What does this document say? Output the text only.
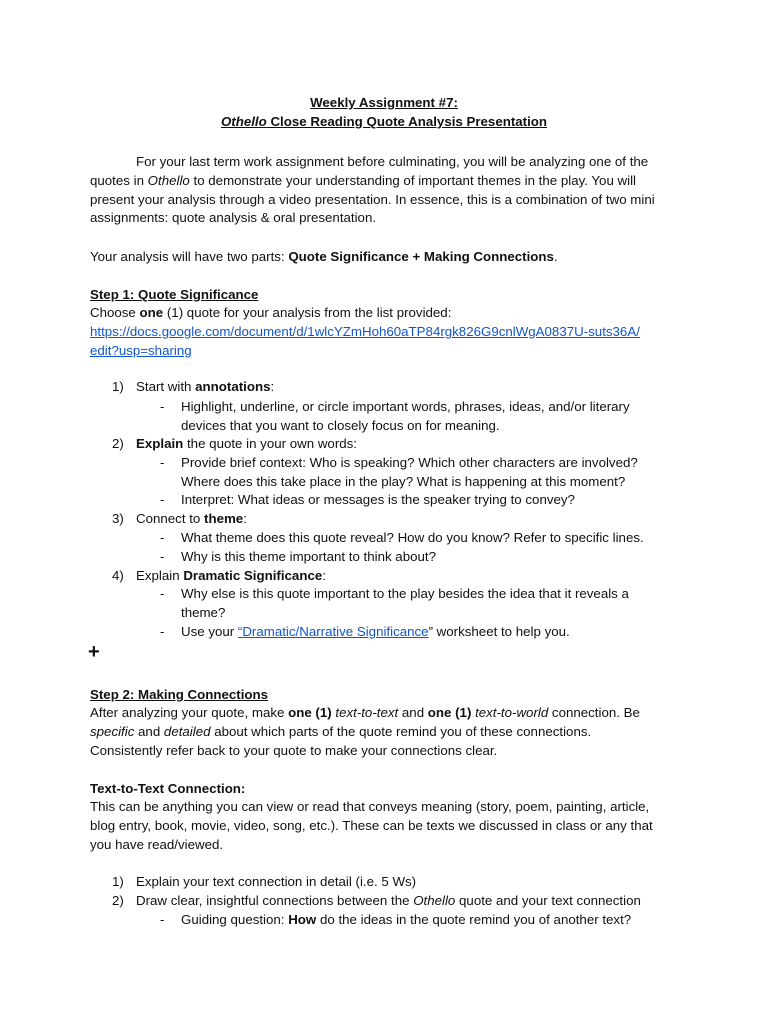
Weekly Assignment #7:
Othello Close Reading Quote Analysis Presentation
For your last term work assignment before culminating, you will be analyzing one of the
quotes in Othello to demonstrate your understanding of important themes in the play. You will
present your analysis through a video presentation. In essence, this is a combination of two mini
assignments: quote analysis & oral presentation.
Your analysis will have two parts: Quote Significance + Making Connections.
Step 1: Quote Significance
Choose one (1) quote for your analysis from the list provided:
https://docs.google.com/document/d/1wlcYZmHoh60aTP84rgk826G9cnlWgA0837U-suts36A/
edit?usp=sharing
1) Start with annotations:
- Highlight, underline, or circle important words, phrases, ideas, and/or literary
devices that you want to closely focus on for meaning.
2) Explain the quote in your own words:
- Provide brief context: Who is speaking? Which other characters are involved?
Where does this take place in the play? What is happening at this moment?
- Interpret: What ideas or messages is the speaker trying to convey?
3) Connect to theme:
- What theme does this quote reveal? How do you know? Refer to specific lines.
- Why is this theme important to think about?
4) Explain Dramatic Significance:
- Why else is this quote important to the play besides the idea that it reveals a
theme?
- Use your “Dramatic/Narrative Significance” worksheet to help you.
+
Step 2: Making Connections
After analyzing your quote, make one (1) text-to-text and one (1) text-to-world connection. Be
specific and detailed about which parts of the quote remind you of these connections.
Consistently refer back to your quote to make your connections clear.
Text-to-Text Connection:
This can be anything you can view or read that conveys meaning (story, poem, painting, article,
blog entry, book, movie, video, song, etc.). These can be texts we discussed in class or any that
you have read/viewed.
1) Explain your text connection in detail (i.e. 5 Ws)
2) Draw clear, insightful connections between the Othello quote and your text connection
- Guiding question: How do the ideas in the quote remind you of another text?
